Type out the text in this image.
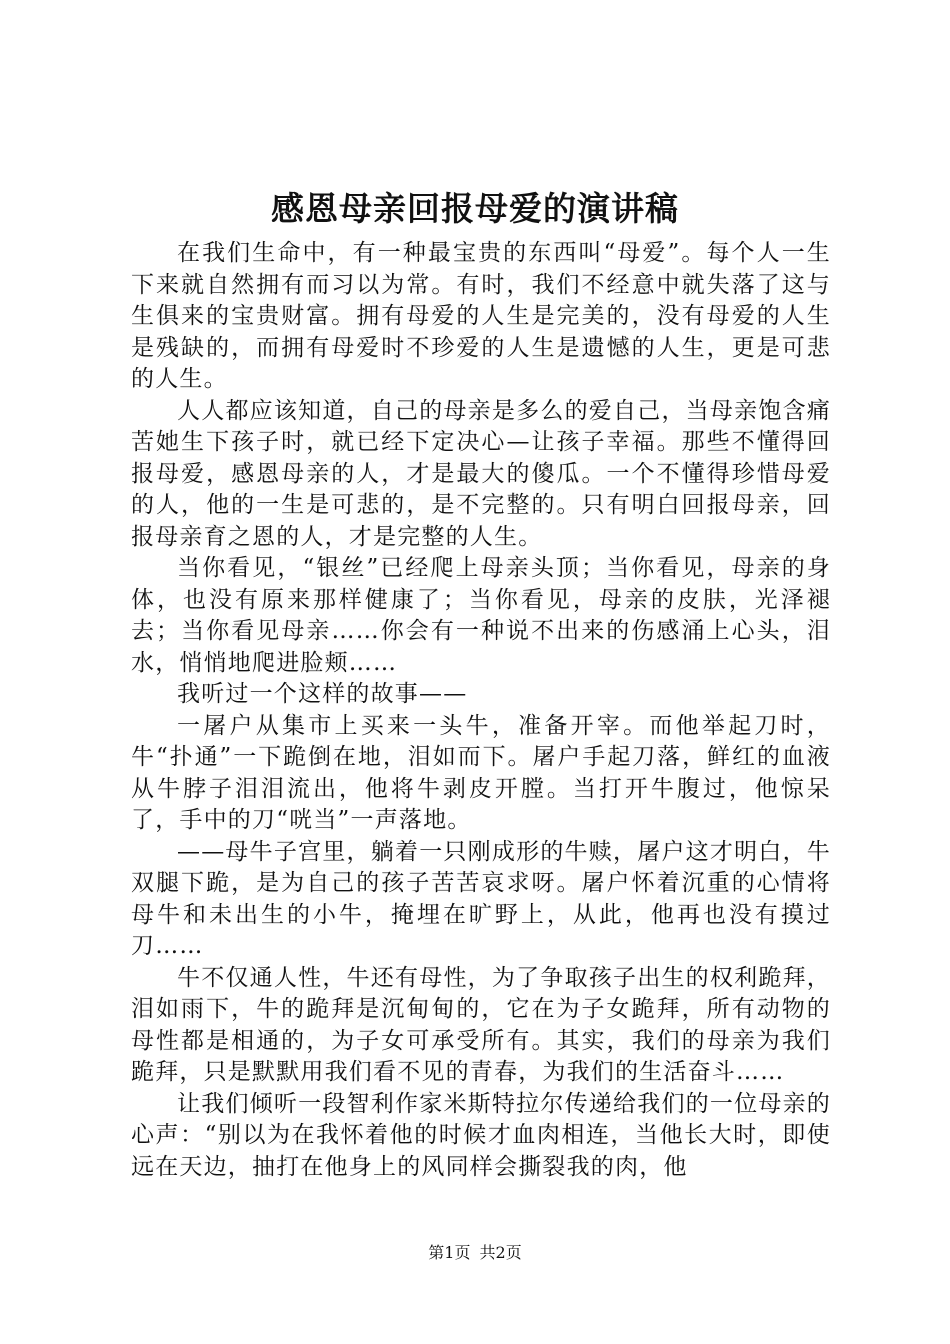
感恩母亲回报母爱的演讲稿

在我们生命中，有一种最宝贵的东西叫“母爱”。每个人一生下来就自然拥有而习以为常。有时，我们不经意中就失落了这与生俱来的宝贵财富。拥有母爱的人生是完美的，没有母爱的人生是残缺的，而拥有母爱时不珍爱的人生是遗憾的人生，更是可悲的人生。

人人都应该知道，自己的母亲是多么的爱自己，当母亲饱含痛苦她生下孩子时，就已经下定决心—让孩子幸福。那些不懂得回报母爱，感恩母亲的人，才是最大的傻瓜。一个不懂得珍惜母爱的人，他的一生是可悲的，是不完整的。只有明白回报母亲，回报母亲育之恩的人，才是完整的人生。

当你看见，“银丝”已经爬上母亲头顶；当你看见，母亲的身体，也没有原来那样健康了；当你看见，母亲的皮肤，光泽褪去；当你看见母亲……你会有一种说不出来的伤感涌上心头，泪水，悄悄地爬进脸颊……

我听过一个这样的故事——

一屠户从集市上买来一头牛，准备开宰。而他举起刀时，牛“扑通”一下跪倒在地，泪如而下。屠户手起刀落，鲜红的血液从牛脖子泪泪流出，他将牛剥皮开膛。当打开牛腹过，他惊呆了，手中的刀“咣当”一声落地。

——母牛子宫里，躺着一只刚成形的牛赎，屠户这才明白，牛双腿下跪，是为自己的孩子苦苦哀求呀。屠户怀着沉重的心情将母牛和未出生的小牛，掩埋在旷野上，从此，他再也没有摸过刀……

牛不仅通人性，牛还有母性，为了争取孩子出生的权利跪拜，泪如雨下，牛的跪拜是沉甸甸的，它在为子女跪拜，所有动物的母性都是相通的，为子女可承受所有。其实，我们的母亲为我们跪拜，只是默默用我们看不见的青春，为我们的生活奋斗……

让我们倾听一段智利作家米斯特拉尔传递给我们的一位母亲的心声：“别以为在我怀着他的时候才血肉相连，当他长大时，即使远在天边，抽打在他身上的风同样会撕裂我的肉，他

第1页 共2页
